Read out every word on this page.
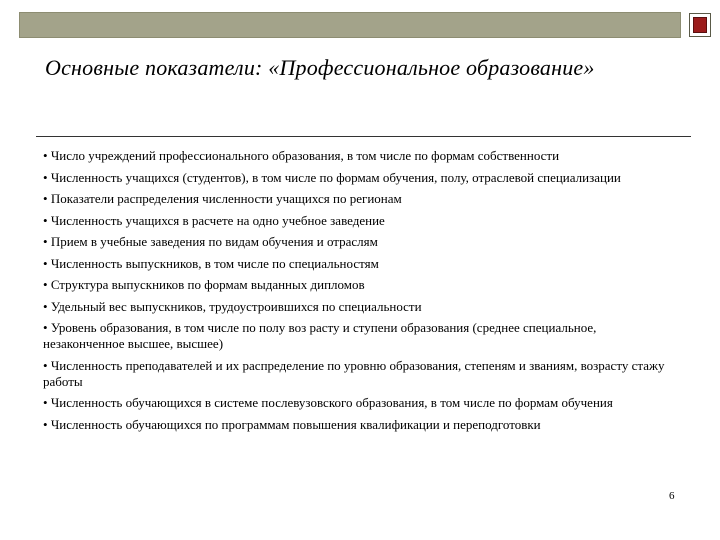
Основные показатели: «Профессиональное образование»
• Число учреждений профессионального образования, в том числе по формам собственности
• Численность учащихся (студентов), в том числе по формам обучения, полу, отраслевой специализации
• Показатели распределения численности учащихся по регионам
• Численность учащихся в расчете на одно учебное заведение
• Прием в учебные заведения по видам обучения и отраслям
• Численность выпускников, в том числе по специальностям
• Структура выпускников по формам выданных дипломов
• Удельный вес выпускников, трудоустроившихся по специальности
• Уровень образования, в том числе по полу воз расту и ступени образования (среднее специальное, незаконченное высшее, высшее)
• Численность преподавателей и их распределение по уровню образования, степеням и званиям, возрасту стажу работы
• Численность обучающихся в системе послевузовского образования, в том числе по формам обучения
• Численность обучающихся по программам повышения квалификации и переподготовки
6
